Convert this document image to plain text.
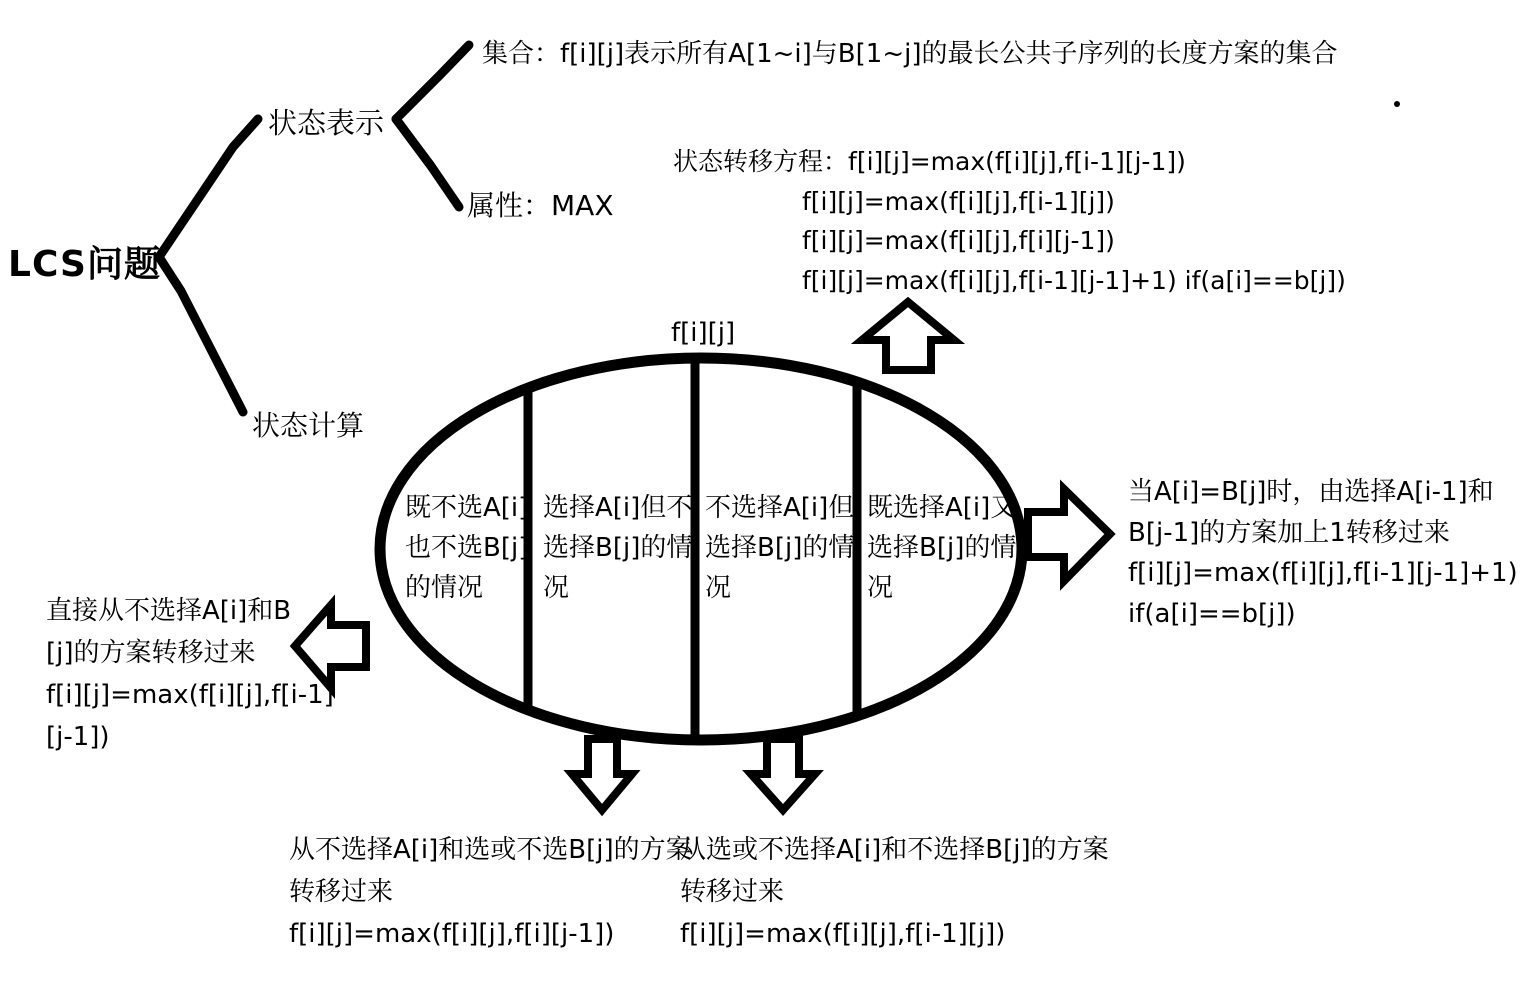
LCS问题
状态表示
状态计算
集合：f[i][j]表示所有A[1~i]与B[1~j]的最长公共子序列的长度方案的集合
属性：MAX
状态转移方程：f[i][j]=max(f[i][j],f[i-1][j-1])
f[i][j]=max(f[i][j],f[i-1][j])
f[i][j]=max(f[i][j],f[i][j-1])
f[i][j]=max(f[i][j],f[i-1][j-1]+1) if(a[i]==b[j])
f[i][j]
既不选A[i]
也不选B[j]
的情况
选择A[i]但不
选择B[j]的情
况
不选择A[i]但
选择B[j]的情
况
既选择A[i]又
选择B[j]的情
况
直接从不选择A[i]和B
[j]的方案转移过来
f[i][j]=max(f[i][j],f[i-1]
[j-1])
当A[i]=B[j]时，由选择A[i-1]和
B[j-1]的方案加上1转移过来
f[i][j]=max(f[i][j],f[i-1][j-1]+1)
if(a[i]==b[j])
从不选择A[i]和选或不选B[j]的方案
转移过来
f[i][j]=max(f[i][j],f[i][j-1])
从选或不选择A[i]和不选择B[j]的方案
转移过来
f[i][j]=max(f[i][j],f[i-1][j])
